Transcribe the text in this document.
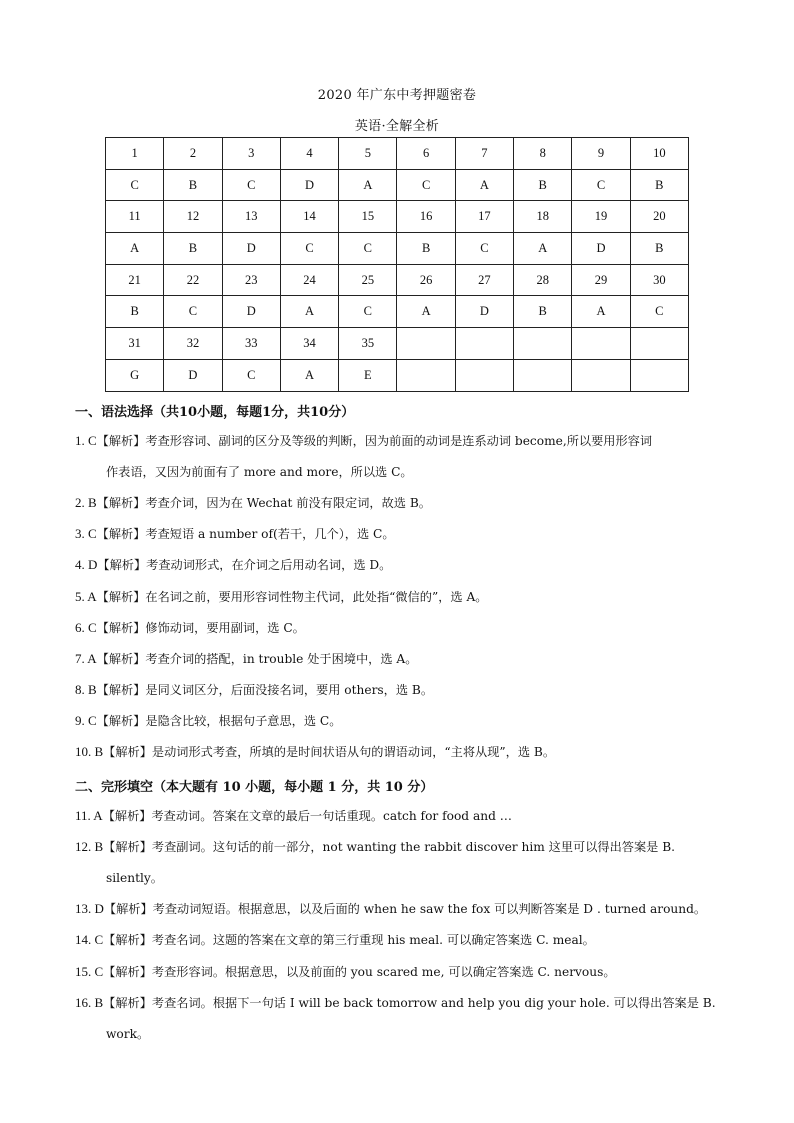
2020 年广东中考押题密卷
英语·全解全析
1	2	3	4	5	6	7	8	9	10
C	B	C	D	A	C	A	B	C	B
11	12	13	14	15	16	17	18	19	20
A	B	D	C	C	B	C	A	D	B
21	22	23	24	25	26	27	28	29	30
B	C	D	A	C	A	D	B	A	C
31	32	33	34	35					
G	D	C	A	E					
一、语法选择（共10小题，每题1分，共10分）
1. C【解析】考查形容词、副词的区分及等级的判断，因为前面的动词是连系动词 become,所以要用形容词
作表语，又因为前面有了 more and more，所以选 C。
2. B【解析】考查介词，因为在 Wechat 前没有限定词，故选 B。
3. C【解析】考查短语 a number of(若干，几个），选 C。
4. D【解析】考查动词形式，在介词之后用动名词，选 D。
5. A【解析】在名词之前，要用形容词性物主代词，此处指“微信的”，选 A。
6. C【解析】修饰动词，要用副词，选 C。
7. A【解析】考查介词的搭配，in trouble 处于困境中，选 A。
8. B【解析】是同义词区分，后面没接名词，要用 others，选 B。
9. C【解析】是隐含比较，根据句子意思，选 C。
10. B【解析】是动词形式考查，所填的是时间状语从句的谓语动词，“主将从现”，选 B。
二、完形填空（本大题有 10 小题，每小题 1 分，共 10 分）
11. A【解析】考查动词。答案在文章的最后一句话重现。catch for food and …
12. B【解析】考查副词。这句话的前一部分，not wanting the rabbit discover him 这里可以得出答案是 B.
silently。
13. D【解析】考查动词短语。根据意思，以及后面的 when he saw the fox 可以判断答案是 D . turned around。
14. C【解析】考查名词。这题的答案在文章的第三行重现 his meal. 可以确定答案选 C. meal。
15. C【解析】考查形容词。根据意思，以及前面的 you scared me, 可以确定答案选 C. nervous。
16. B【解析】考查名词。根据下一句话 I will be back tomorrow and help you dig your hole. 可以得出答案是 B.
work。
